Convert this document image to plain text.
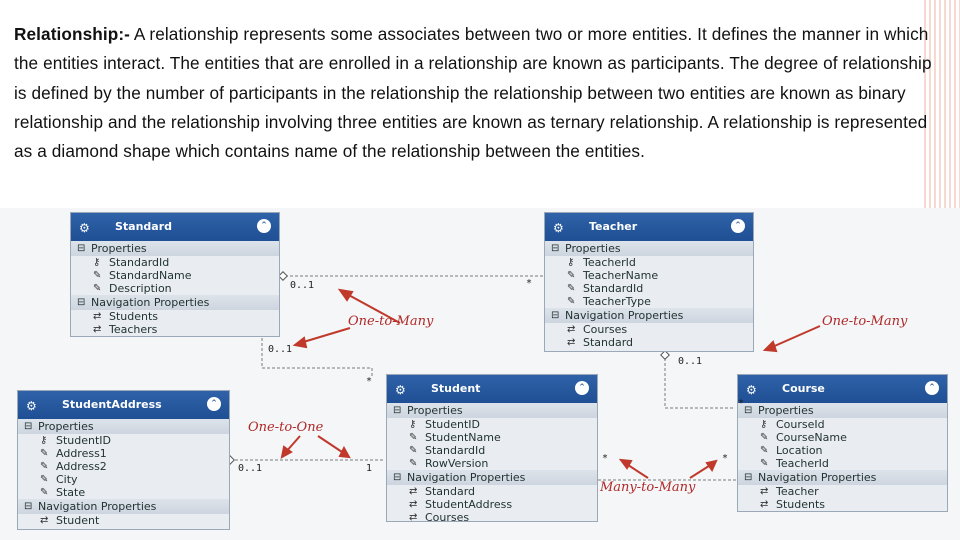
Relationship:- A relationship represents some associates between two or more entities. It defines the manner in which the entities interact. The entities that are enrolled in a relationship are known as participants. The degree of relationship is defined by the number of participants in the relationship the relationship between two entities are known as binary relationship and the relationship involving three entities are known as ternary relationship. A relationship is represented as a diamond shape which contains name of the relationship between the entities.
⚙ Standard	⌃
⊟ Properties
⚷ StandardId
✎ StandardName
✎ Description
⊟ Navigation Properties
⇄ Students
⇄ Teachers
⚙ Teacher	⌃
⊟ Properties
⚷ TeacherId
✎ TeacherName
✎ StandardId
✎ TeacherType
⊟ Navigation Properties
⇄ Courses
⇄ Standard
⚙ StudentAddress	⌃
⊟ Properties
⚷ StudentID
✎ Address1
✎ Address2
✎ City
✎ State
⊟ Navigation Properties
⇄ Student
⚙ Student	⌃
⊟ Properties
⚷ StudentID
✎ StudentName
✎ StandardId
✎ RowVersion
⊟ Navigation Properties
⇄ Standard
⇄ StudentAddress
⇄ Courses
⚙ Course	⌃
⊟ Properties
⚷ CourseId
✎ CourseName
✎ Location
✎ TeacherId
⊟ Navigation Properties
⇄ Teacher
⇄ Students
0..1	*
0..1
*
0..1
*
0..1	1
*	*
One-to-Many	One-to-Many
One-to-One
Many-to-Many
